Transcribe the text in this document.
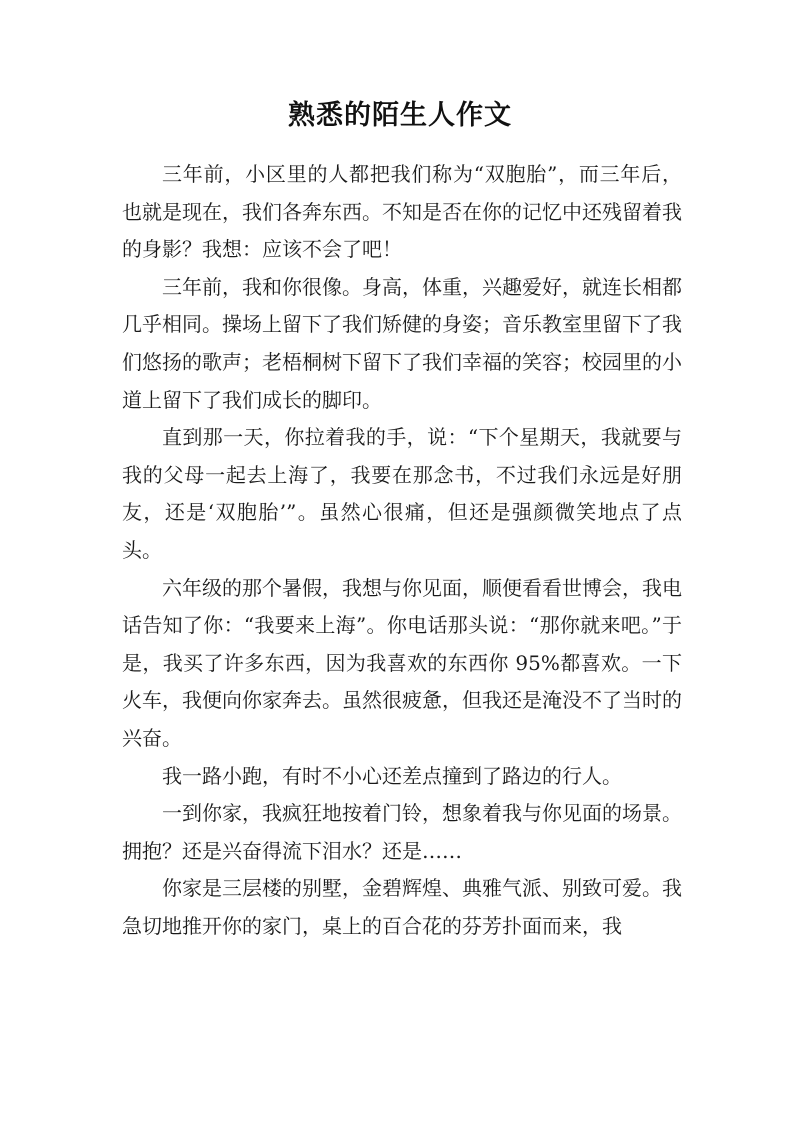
熟悉的陌生人作文

三年前，小区里的人都把我们称为“双胞胎”，而三年后，也就是现在，我们各奔东西。不知是否在你的记忆中还残留着我的身影？我想：应该不会了吧！

三年前，我和你很像。身高，体重，兴趣爱好，就连长相都几乎相同。操场上留下了我们矫健的身姿；音乐教室里留下了我们悠扬的歌声；老梧桐树下留下了我们幸福的笑容；校园里的小道上留下了我们成长的脚印。

直到那一天，你拉着我的手，说：“下个星期天，我就要与我的父母一起去上海了，我要在那念书，不过我们永远是好朋友，还是‘双胞胎’”。虽然心很痛，但还是强颜微笑地点了点头。

六年级的那个暑假，我想与你见面，顺便看看世博会，我电话告知了你：“我要来上海”。你电话那头说：“那你就来吧。”于是，我买了许多东西，因为我喜欢的东西你 95%都喜欢。一下火车，我便向你家奔去。虽然很疲惫，但我还是淹没不了当时的兴奋。

我一路小跑，有时不小心还差点撞到了路边的行人。

一到你家，我疯狂地按着门铃，想象着我与你见面的场景。拥抱？还是兴奋得流下泪水？还是……

你家是三层楼的别墅，金碧辉煌、典雅气派、别致可爱。我急切地推开你的家门，桌上的百合花的芬芳扑面而来，我
